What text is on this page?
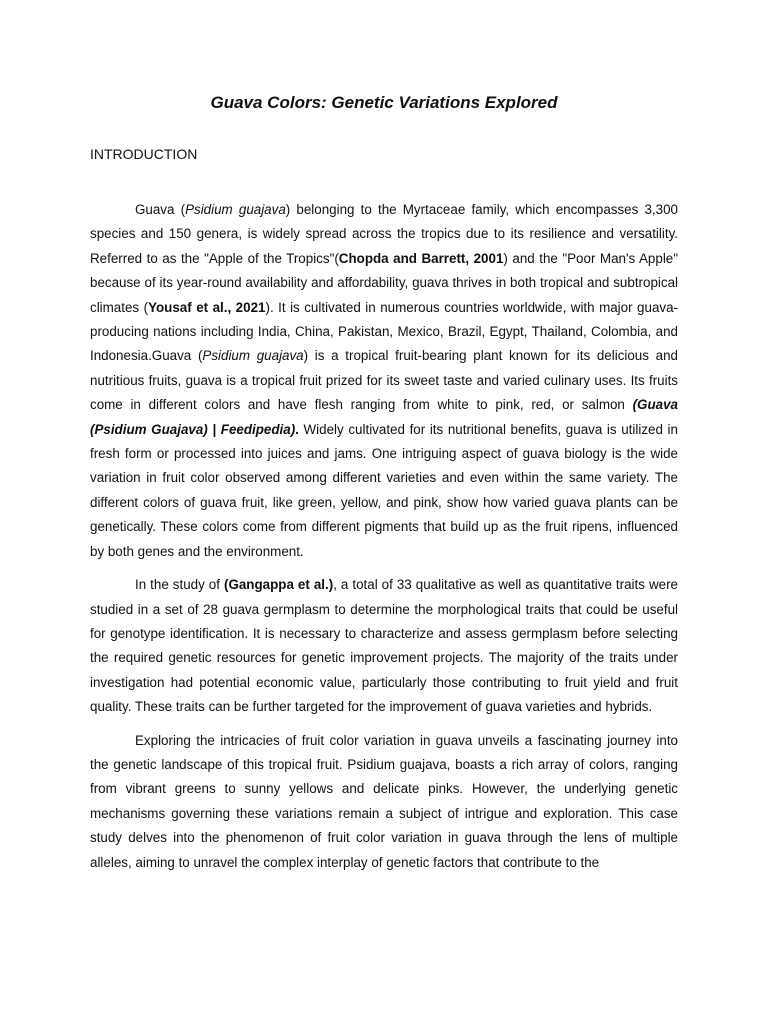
Guava Colors: Genetic Variations Explored
INTRODUCTION

Guava (Psidium guajava) belonging to the Myrtaceae family, which encompasses 3,300 species and 150 genera, is widely spread across the tropics due to its resilience and versatility. Referred to as the "Apple of the Tropics"(Chopda and Barrett, 2001) and the "Poor Man's Apple" because of its year-round availability and affordability, guava thrives in both tropical and subtropical climates (Yousaf et al., 2021). It is cultivated in numerous countries worldwide, with major guava-producing nations including India, China, Pakistan, Mexico, Brazil, Egypt, Thailand, Colombia, and Indonesia.Guava (Psidium guajava) is a tropical fruit-bearing plant known for its delicious and nutritious fruits, guava is a tropical fruit prized for its sweet taste and varied culinary uses. Its fruits come in different colors and have flesh ranging from white to pink, red, or salmon (Guava (Psidium Guajava) | Feedipedia). Widely cultivated for its nutritional benefits, guava is utilized in fresh form or processed into juices and jams. One intriguing aspect of guava biology is the wide variation in fruit color observed among different varieties and even within the same variety. The different colors of guava fruit, like green, yellow, and pink, show how varied guava plants can be genetically. These colors come from different pigments that build up as the fruit ripens, influenced by both genes and the environment.

In the study of (Gangappa et al.), a total of 33 qualitative as well as quantitative traits were studied in a set of 28 guava germplasm to determine the morphological traits that could be useful for genotype identification. It is necessary to characterize and assess germplasm before selecting the required genetic resources for genetic improvement projects. The majority of the traits under investigation had potential economic value, particularly those contributing to fruit yield and fruit quality. These traits can be further targeted for the improvement of guava varieties and hybrids.

Exploring the intricacies of fruit color variation in guava unveils a fascinating journey into the genetic landscape of this tropical fruit. Psidium guajava, boasts a rich array of colors, ranging from vibrant greens to sunny yellows and delicate pinks. However, the underlying genetic mechanisms governing these variations remain a subject of intrigue and exploration. This case study delves into the phenomenon of fruit color variation in guava through the lens of multiple alleles, aiming to unravel the complex interplay of genetic factors that contribute to the
